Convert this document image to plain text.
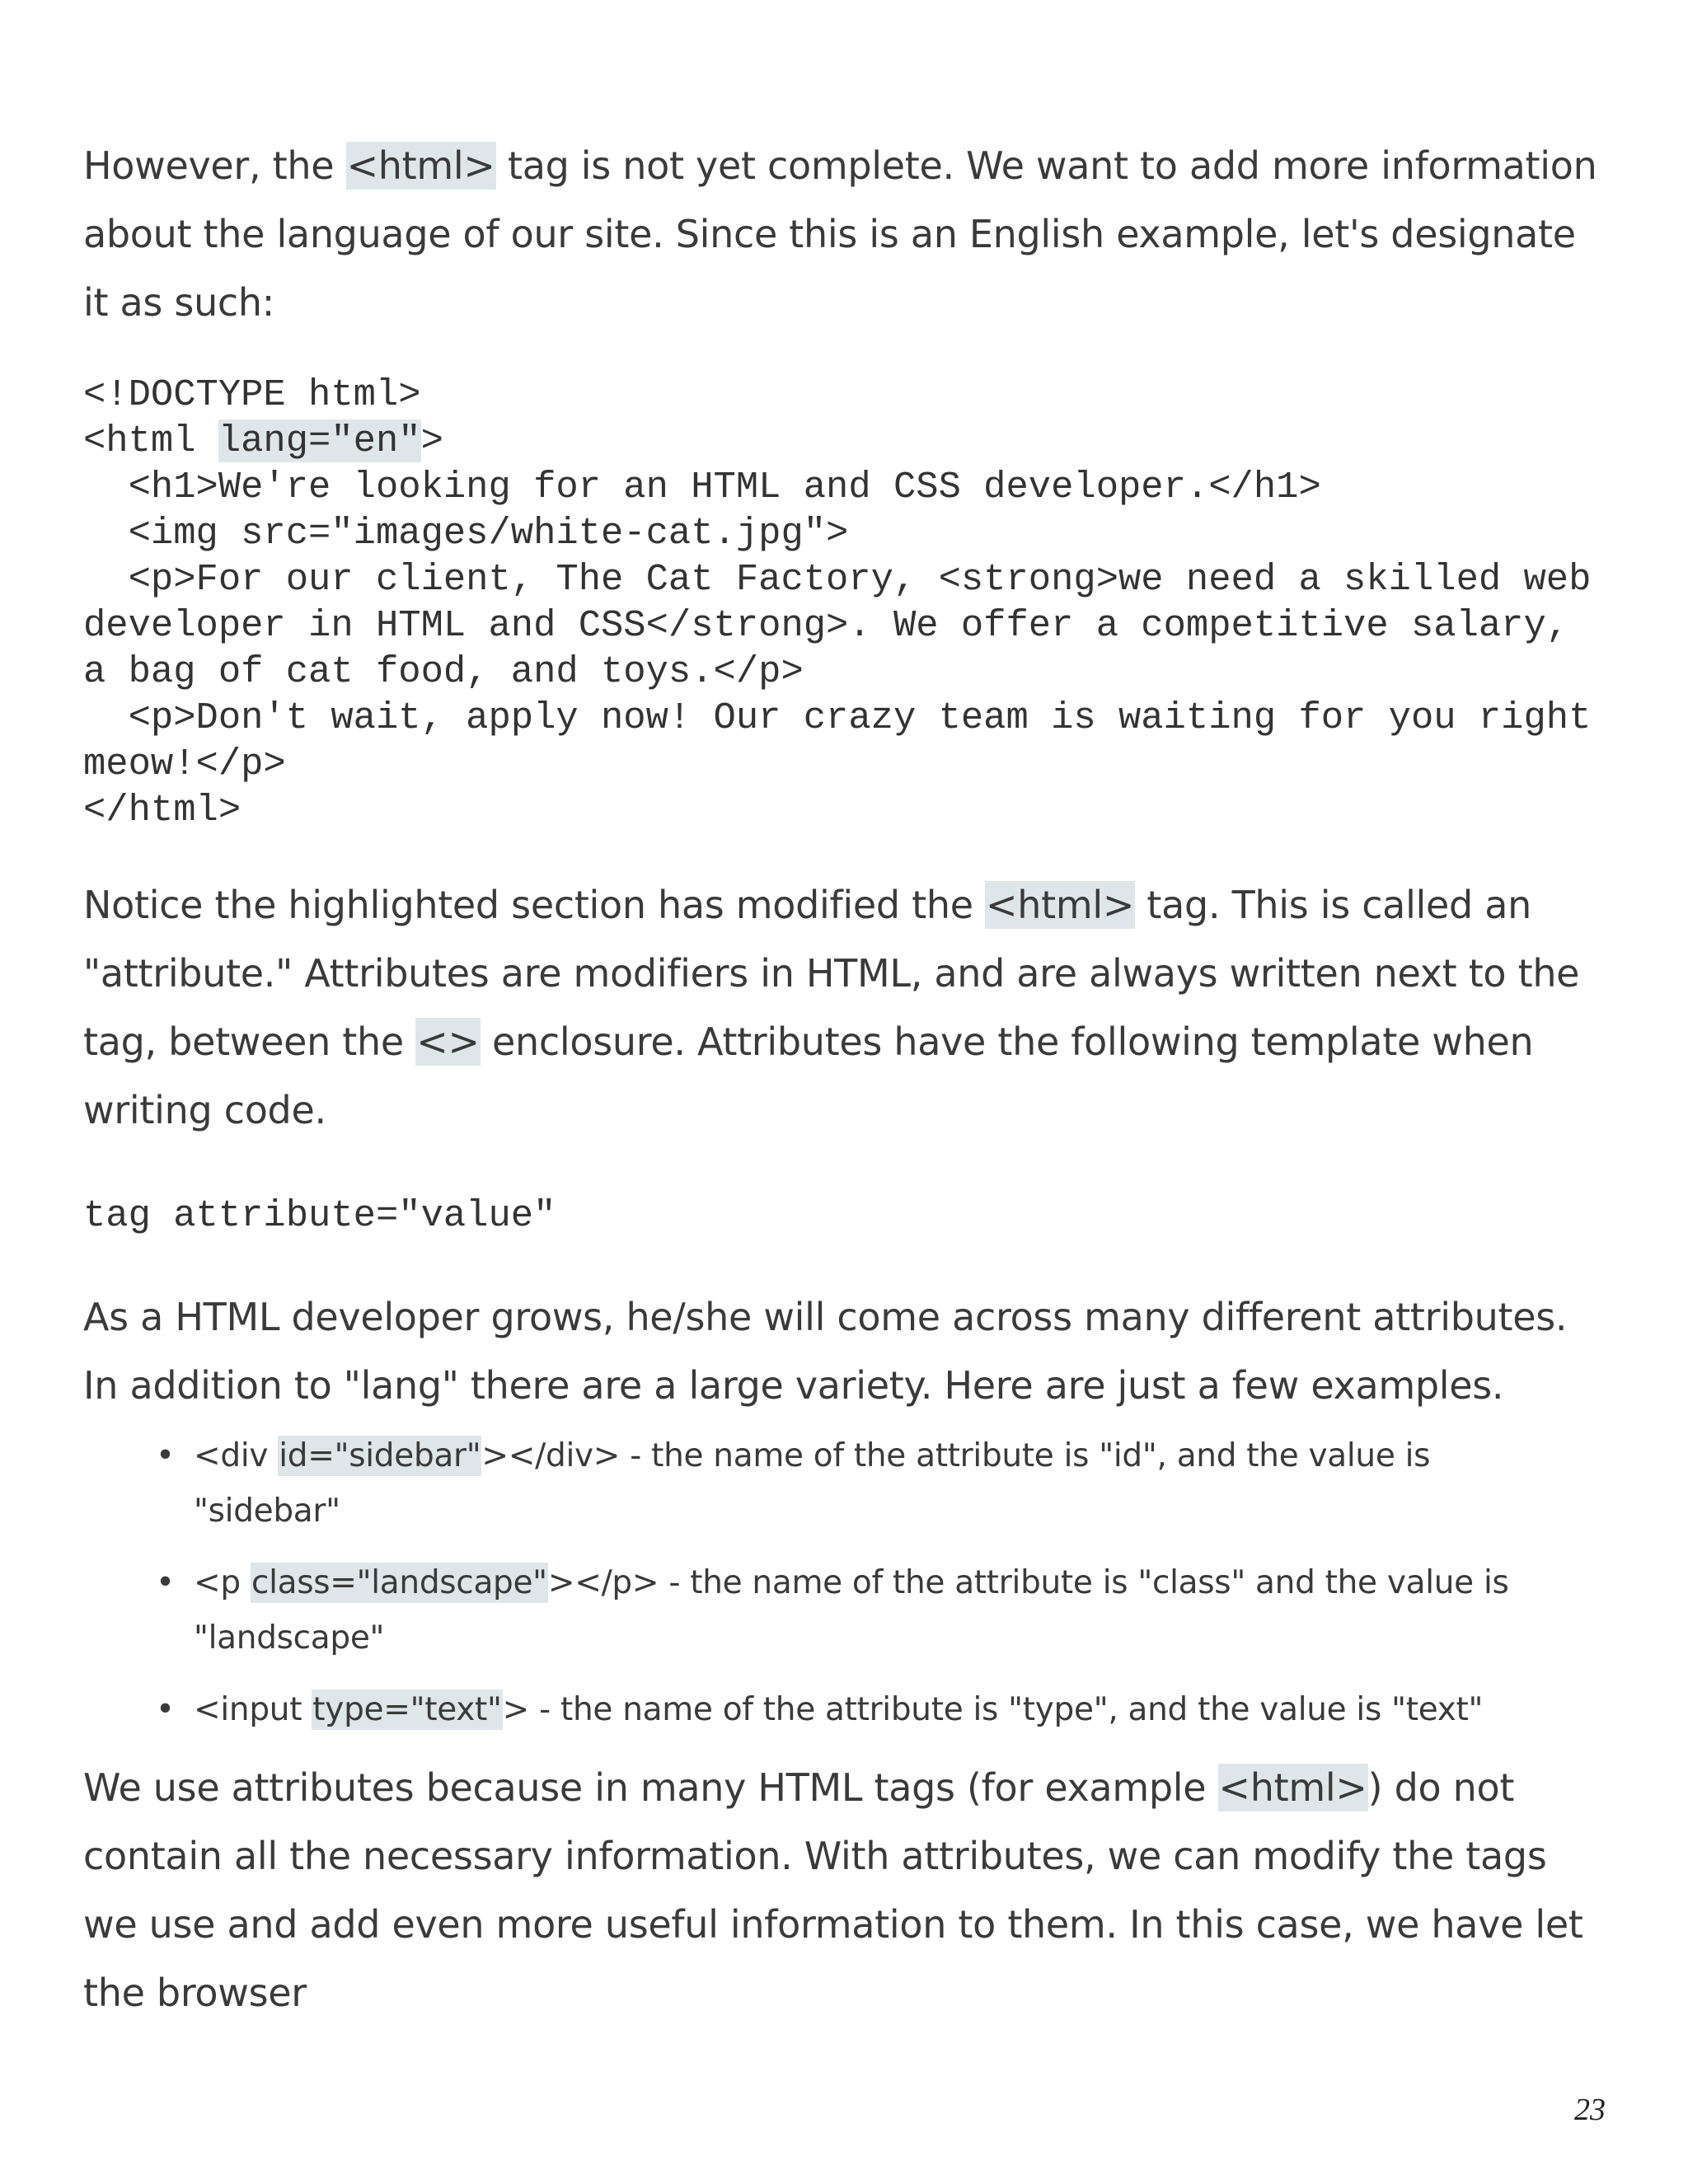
However, the <html> tag is not yet complete. We want to add more information about the language of our site. Since this is an English example, let's designate it as such:

<!DOCTYPE html>
<html lang="en">
<h1>We're looking for an HTML and CSS developer.</h1>
<img src="images/white-cat.jpg">
<p>For our client, The Cat Factory, <strong>we need a skilled web developer in HTML and CSS</strong>. We offer a competitive salary, a bag of cat food, and toys.</p>
<p>Don't wait, apply now! Our crazy team is waiting for you right meow!</p>
</html>

Notice the highlighted section has modified the <html> tag. This is called an "attribute." Attributes are modifiers in HTML, and are always written next to the tag, between the <> enclosure. Attributes have the following template when writing code.

tag attribute="value"

As a HTML developer grows, he/she will come across many different attributes. In addition to "lang" there are a large variety. Here are just a few examples.

• <div id="sidebar"></div> - the name of the attribute is "id", and the value is "sidebar"
• <p class="landscape"></p> - the name of the attribute is "class" and the value is "landscape"
• <input type="text"> - the name of the attribute is "type", and the value is "text"

We use attributes because in many HTML tags (for example <html>) do not contain all the necessary information. With attributes, we can modify the tags we use and add even more useful information to them. In this case, we have let the browser

23
